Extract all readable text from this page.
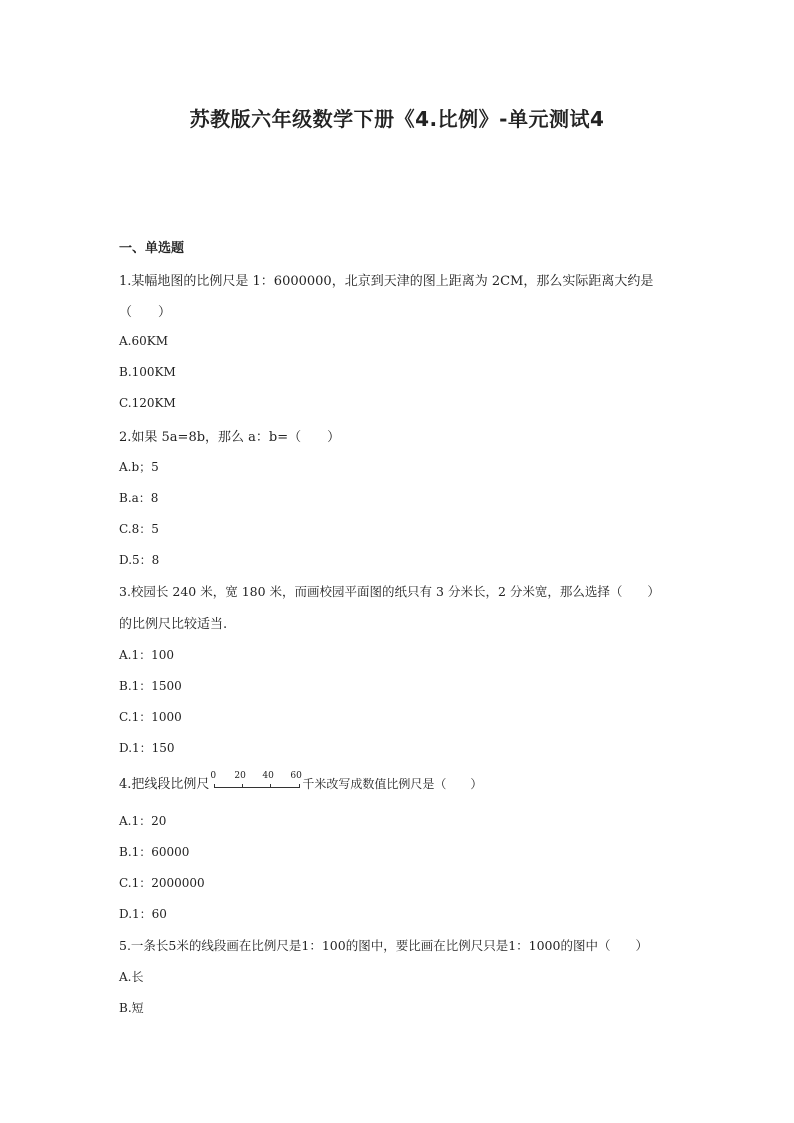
苏教版六年级数学下册《4.比例》-单元测试4
一、单选题
1.某幅地图的比例尺是 1：6000000，北京到天津的图上距离为 2CM，那么实际距离大约是
（　　）
A.60KM
B.100KM
C.120KM
2.如果 5a=8b，那么 a：b=（　　）
A.b；5
B.a：8
C.8：5
D.5：8
3.校园长 240 米，宽 180 米，而画校园平面图的纸只有 3 分米长，2 分米宽，那么选择（　　）
的比例尺比较适当.
A.1：100
B.1：1500
C.1：1000
D.1：150
4.把线段比例尺
0 20 40 60
千米改写成数值比例尺是（　　）
A.1：20
B.1：60000
C.1：2000000
D.1：60
5.一条长5米的线段画在比例尺是1：100的图中，要比画在比例尺只是1：1000的图中（　　）
A.长
B.短
